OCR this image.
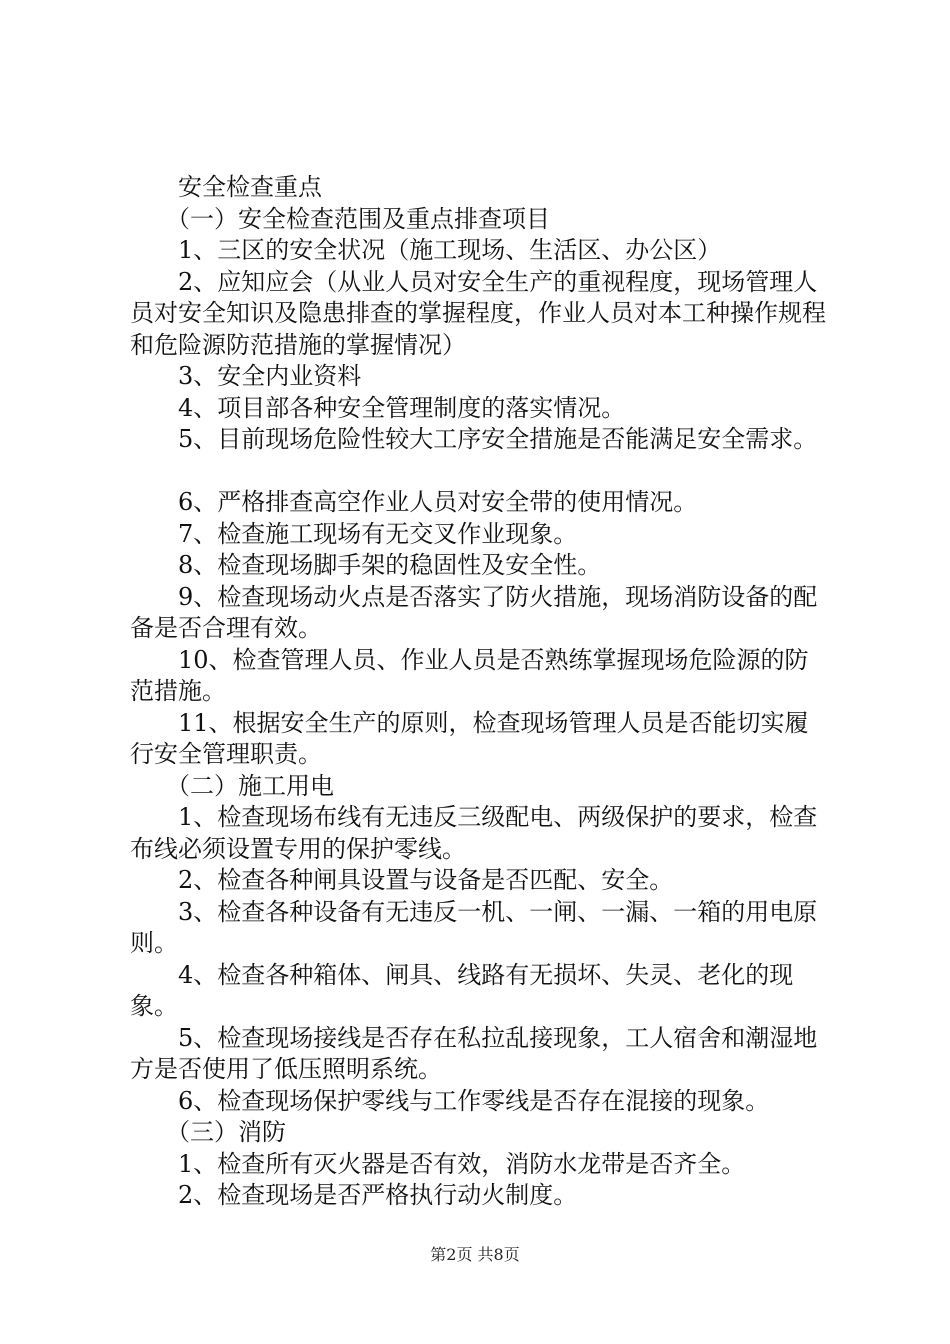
安全检查重点

（一）安全检查范围及重点排查项目

1、三区的安全状况（施工现场、生活区、办公区）

2、应知应会（从业人员对安全生产的重视程度，现场管理人员对安全知识及隐患排查的掌握程度，作业人员对本工种操作规程和危险源防范措施的掌握情况）

3、安全内业资料

4、项目部各种安全管理制度的落实情况。

5、目前现场危险性较大工序安全措施是否能满足安全需求。

6、严格排查高空作业人员对安全带的使用情况。

7、检查施工现场有无交叉作业现象。

8、检查现场脚手架的稳固性及安全性。

9、检查现场动火点是否落实了防火措施，现场消防设备的配备是否合理有效。

10、检查管理人员、作业人员是否熟练掌握现场危险源的防范措施。

11、根据安全生产的原则，检查现场管理人员是否能切实履行安全管理职责。

（二）施工用电

1、检查现场布线有无违反三级配电、两级保护的要求，检查布线必须设置专用的保护零线。

2、检查各种闸具设置与设备是否匹配、安全。

3、检查各种设备有无违反一机、一闸、一漏、一箱的用电原则。

4、检查各种箱体、闸具、线路有无损坏、失灵、老化的现象。

5、检查现场接线是否存在私拉乱接现象，工人宿舍和潮湿地方是否使用了低压照明系统。

6、检查现场保护零线与工作零线是否存在混接的现象。

（三）消防

1、检查所有灭火器是否有效，消防水龙带是否齐全。

2、检查现场是否严格执行动火制度。

第2页 共8页
